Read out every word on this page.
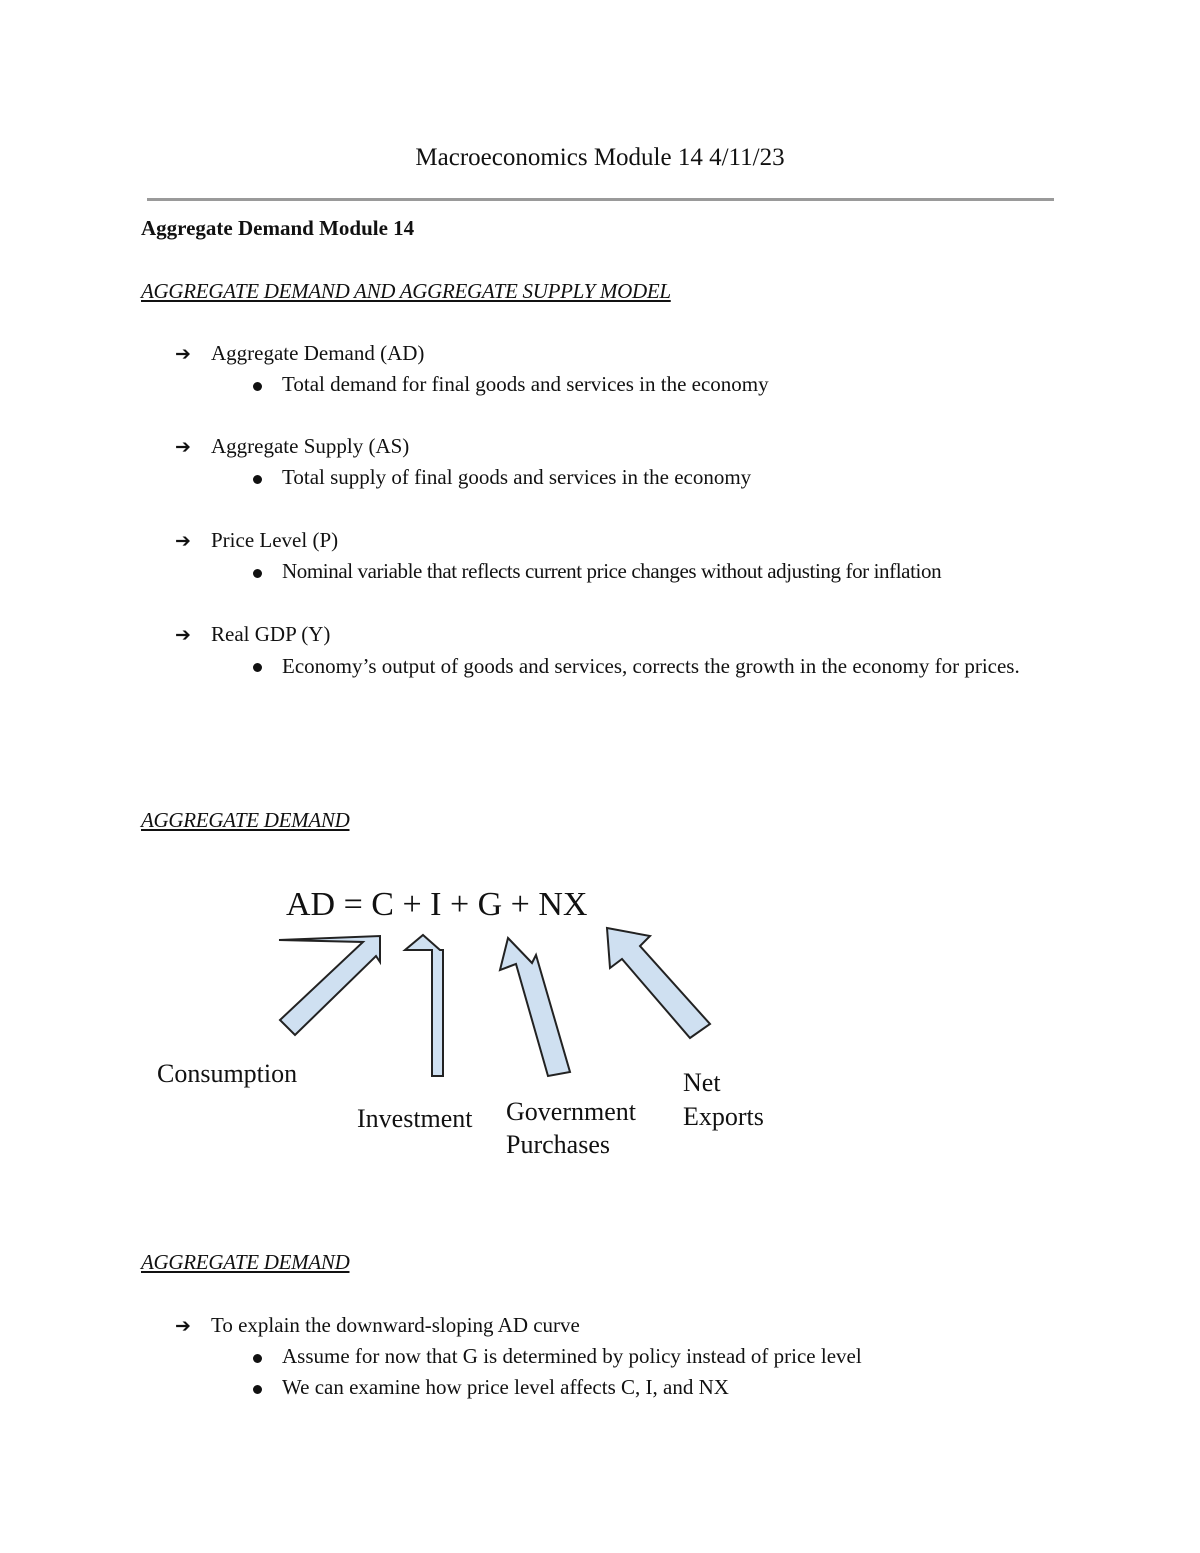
Macroeconomics Module 14 4/11/23
Aggregate Demand Module 14
AGGREGATE DEMAND AND AGGREGATE SUPPLY MODEL
➔ Aggregate Demand (AD)
Total demand for final goods and services in the economy
➔ Aggregate Supply (AS)
Total supply of final goods and services in the economy
➔ Price Level (P)
Nominal variable that reflects current price changes without adjusting for inflation
➔ Real GDP (Y)
Economy’s output of goods and services, corrects the growth in the economy for prices.
AGGREGATE DEMAND
AD = C + I + G + NX
Consumption
Investment Government
Purchases
Net
Exports
AGGREGATE DEMAND
➔ To explain the downward-sloping AD curve
Assume for now that G is determined by policy instead of price level
We can examine how price level affects C, I, and NX
